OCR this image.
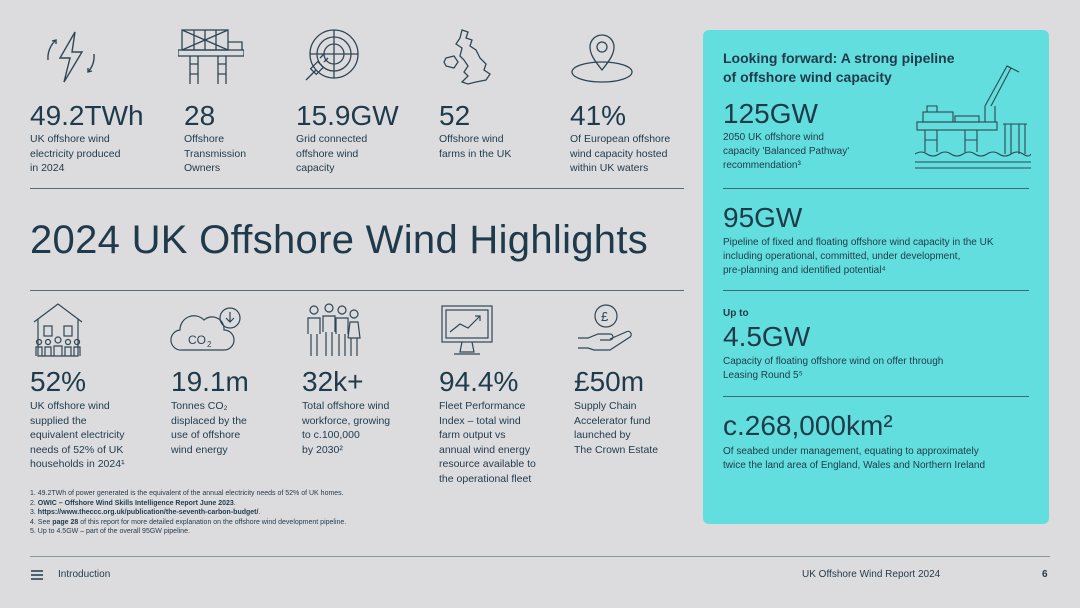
49.2TWh
UK offshore wind
electricity produced
in 2024
28
Offshore
Transmission
Owners
15.9GW
Grid connected
offshore wind
capacity
52
Offshore wind
farms in the UK
41%
Of European offshore
wind capacity hosted
within UK waters
2024 UK Offshore Wind Highlights
CO 2
£
52%
UK offshore wind
supplied the
equivalent electricity
needs of 52% of UK
households in 2024¹
19.1m
Tonnes CO₂
displaced by the
use of offshore
wind energy
32k+
Total offshore wind
workforce, growing
to c.100,000
by 2030²
94.4%
Fleet Performance
Index – total wind
farm output vs
annual wind energy
resource available to
the operational fleet
£50m
Supply Chain
Accelerator fund
launched by
The Crown Estate
1. 49.2TWh of power generated is the equivalent of the annual electricity needs of 52% of UK homes.
2. OWIC – Offshore Wind Skills Intelligence Report June 2023.
3. https://www.theccc.org.uk/publication/the-seventh-carbon-budget/.
4. See page 28 of this report for more detailed explanation on the offshore wind development pipeline.
5. Up to 4.5GW – part of the overall 95GW pipeline.
Looking forward: A strong pipeline
of offshore wind capacity
125GW
2050 UK offshore wind
capacity 'Balanced Pathway'
recommendation³
95GW
Pipeline of fixed and floating offshore wind capacity in the UK
including operational, committed, under development,
pre-planning and identified potential⁴
Up to
4.5GW
Capacity of floating offshore wind on offer through
Leasing Round 5⁵
c.268,000km²
Of seabed under management, equating to approximately
twice the land area of England, Wales and Northern Ireland
Introduction	UK Offshore Wind Report 2024	6
